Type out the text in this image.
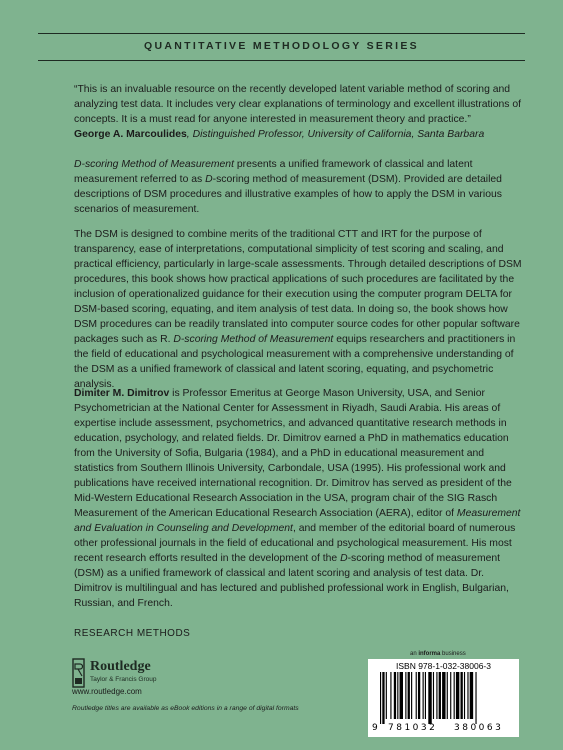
QUANTITATIVE METHODOLOGY SERIES
“This is an invaluable resource on the recently developed latent variable method of scoring and analyzing test data. It includes very clear explanations of terminology and excellent illustrations of concepts. It is a must read for anyone interested in measurement theory and practice.”
George A. Marcoulides, Distinguished Professor, University of California, Santa Barbara
D-scoring Method of Measurement presents a unified framework of classical and latent measurement referred to as D-scoring method of measurement (DSM). Provided are detailed descriptions of DSM procedures and illustrative examples of how to apply the DSM in various scenarios of measurement.
The DSM is designed to combine merits of the traditional CTT and IRT for the purpose of transparency, ease of interpretations, computational simplicity of test scoring and scaling, and practical efficiency, particularly in large-scale assessments. Through detailed descriptions of DSM procedures, this book shows how practical applications of such procedures are facilitated by the inclusion of operationalized guidance for their execution using the computer program DELTA for DSM-based scoring, equating, and item analysis of test data. In doing so, the book shows how DSM procedures can be readily translated into computer source codes for other popular software packages such as R. D-scoring Method of Measurement equips researchers and practitioners in the field of educational and psychological measurement with a comprehensive understanding of the DSM as a unified framework of classical and latent scoring, equating, and psychometric analysis.
Dimiter M. Dimitrov is Professor Emeritus at George Mason University, USA, and Senior Psychometrician at the National Center for Assessment in Riyadh, Saudi Arabia. His areas of expertise include assessment, psychometrics, and advanced quantitative research methods in education, psychology, and related fields. Dr. Dimitrov earned a PhD in mathematics education from the University of Sofia, Bulgaria (1984), and a PhD in educational measurement and statistics from Southern Illinois University, Carbondale, USA (1995). His professional work and publications have received international recognition. Dr. Dimitrov has served as president of the Mid-Western Educational Research Association in the USA, program chair of the SIG Rasch Measurement of the American Educational Research Association (AERA), editor of Measurement and Evaluation in Counseling and Development, and member of the editorial board of numerous other professional journals in the field of educational and psychological measurement. His most recent research efforts resulted in the development of the D-scoring method of measurement (DSM) as a unified framework of classical and latent scoring and analysis of test data. Dr. Dimitrov is multilingual and has lectured and published professional work in English, Bulgarian, Russian, and French.
RESEARCH METHODS
Routledge
Taylor & Francis Group
www.routledge.com
Routledge titles are available as eBook editions in a range of digital formats
an informa business
ISBN 978-1-032-38006-3
9 781032 380063
